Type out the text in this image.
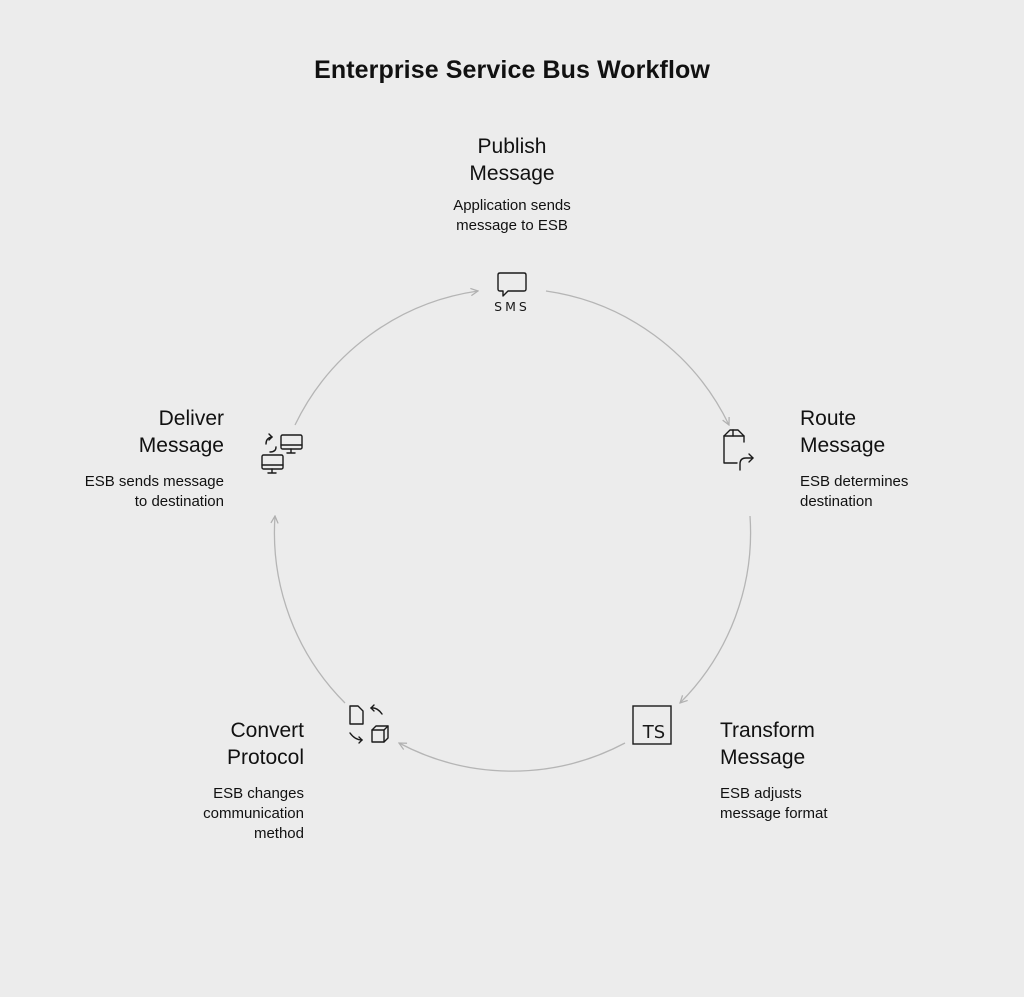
Enterprise Service Bus Workflow
SMS
TS
Publish
Message
Application sends
message to ESB
Route
Message
ESB determines
destination
Transform
Message
ESB adjusts
message format
Convert
Protocol
ESB changes
communication
method
Deliver
Message
ESB sends message
to destination
